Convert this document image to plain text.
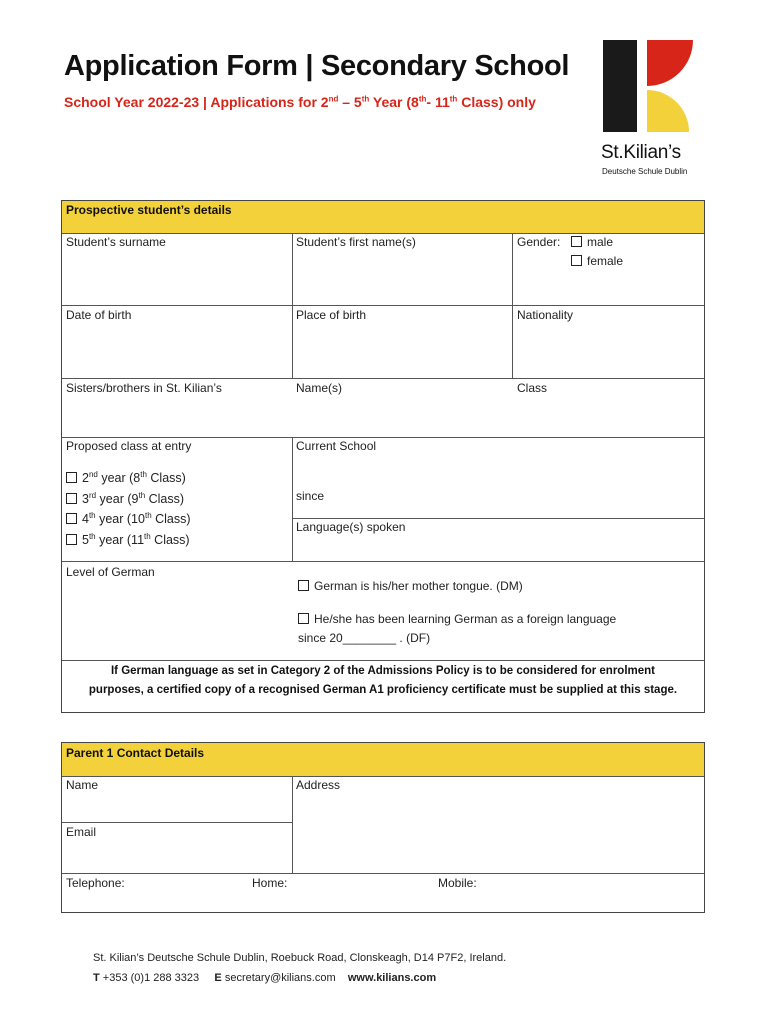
Application Form | Secondary School
School Year 2022-23 | Applications for 2nd – 5th Year (8th- 11th Class) only
St.Kilian’s
Deutsche Schule Dublin
Prospective student’s details
Student’s surname	Student’s first name(s)	Gender:	male
female
Date of birth	Place of birth	Nationality
Sisters/brothers in St. Kilian’s	Name(s)	Class
Proposed class at entry
2nd year (8th Class)
3rd year (9th Class)
4th year (10th Class)
5th year (11th Class)
Current School
since
Language(s) spoken
Level of German
German is his/her mother tongue. (DM)
He/she has been learning German as a foreign language
since 20________ . (DF)
If German language as set in Category 2 of the Admissions Policy is to be considered for enrolment
purposes, a certified copy of a recognised German A1 proficiency certificate must be supplied at this stage.
Parent 1 Contact Details
Name	Address
Email
Telephone:	Home:	Mobile:
St. Kilian’s Deutsche Schule Dublin, Roebuck Road, Clonskeagh, D14 P7F2, Ireland.
T +353 (0)1 288 3323 E secretary@kilians.com www.kilians.com
